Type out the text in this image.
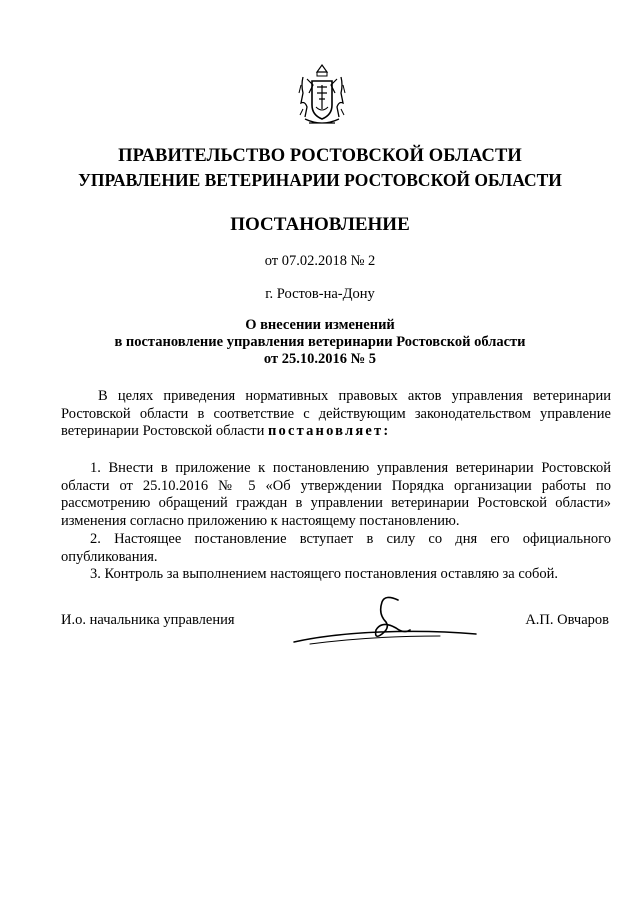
ПРАВИТЕЛЬСТВО РОСТОВСКОЙ ОБЛАСТИ
УПРАВЛЕНИЕ ВЕТЕРИНАРИИ РОСТОВСКОЙ ОБЛАСТИ
ПОСТАНОВЛЕНИЕ
от 07.02.2018 № 2
г. Ростов-на-Дону
О внесении изменений
в постановление управления ветеринарии Ростовской области
от 25.10.2016 № 5

В целях приведения нормативных правовых актов управления ветеринарии Ростовской области в соответствие с действующим законодательством управление ветеринарии Ростовской области постановляет:

1. Внести в приложение к постановлению управления ветеринарии Ростовской области от 25.10.2016 № 5 «Об утверждении Порядка организации работы по рассмотрению обращений граждан в управлении ветеринарии Ростовской области» изменения согласно приложению к настоящему постановлению.

2. Настоящее постановление вступает в силу со дня его официального опубликования.

3. Контроль за выполнением настоящего постановления оставляю за собой.

И.о. начальника управления	А.П. Овчаров
